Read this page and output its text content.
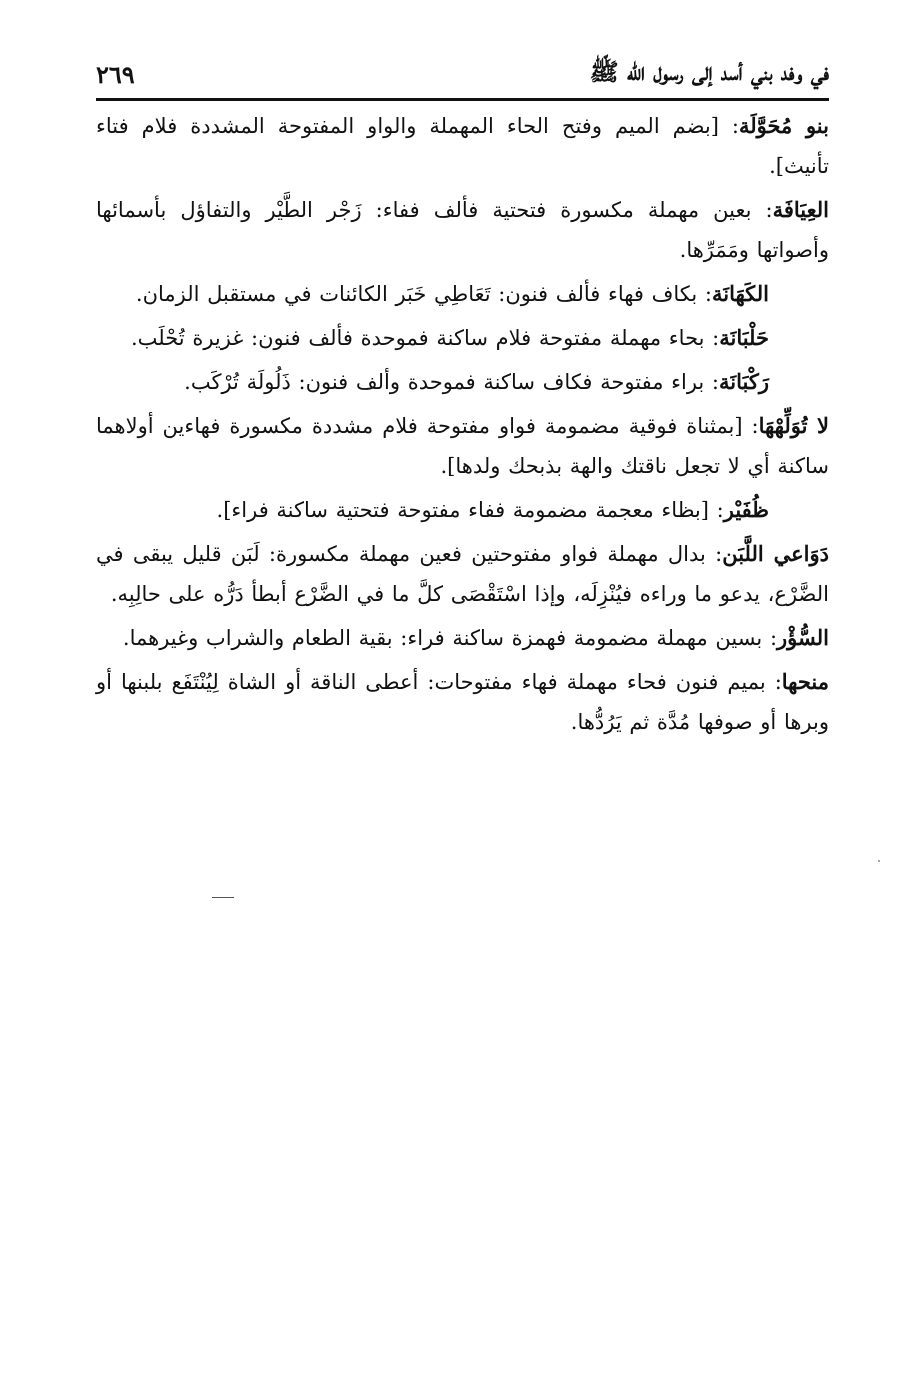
في وفد بني أسد إلى رسول الله ﷺ
٢٦٩

بنو مُحَوَّلَة: [بضم الميم وفتح الحاء المهملة والواو المفتوحة المشددة فلام فتاء تأنيث].

العِيَافَة: بعين مهملة مكسورة فتحتية فألف ففاء: زَجْر الطَّيْر والتفاؤل بأسمائها وأصواتها ومَمَرِّها.

الكَهَانَة: بكاف فهاء فألف فنون: تَعَاطِي خَبَر الكائنات في مستقبل الزمان.

حَلْبَانَة: بحاء مهملة مفتوحة فلام ساكنة فموحدة فألف فنون: غزيرة تُحْلَب.

رَكْبَانَة: براء مفتوحة فكاف ساكنة فموحدة وألف فنون: ذَلُولَة تُرْكَب.

لا تُوَلِّهْهَا: [بمثناة فوقية مضمومة فواو مفتوحة فلام مشددة مكسورة فهاءين أولاهما ساكنة أي لا تجعل ناقتك والهة بذبحك ولدها].

ظُفَيْر: [بظاء معجمة مضمومة ففاء مفتوحة فتحتية ساكنة فراء].

دَوَاعي اللَّبَن: بدال مهملة فواو مفتوحتين فعين مهملة مكسورة: لَبَن قليل يبقى في الضَّرْع، يدعو ما وراءه فيُنْزِلَه، وإذا اسْتَقْصَى كلَّ ما في الضَّرْع أبطأ دَرُّه على حالِبِه.

السُّؤْر: بسين مهملة مضمومة فهمزة ساكنة فراء: بقية الطعام والشراب وغيرهما.

منحها: بميم فنون فحاء مهملة فهاء مفتوحات: أعطى الناقة أو الشاة لِيُنْتَفَع بلبنها أو وبرها أو صوفها مُدَّة ثم يَرُدُّها.
